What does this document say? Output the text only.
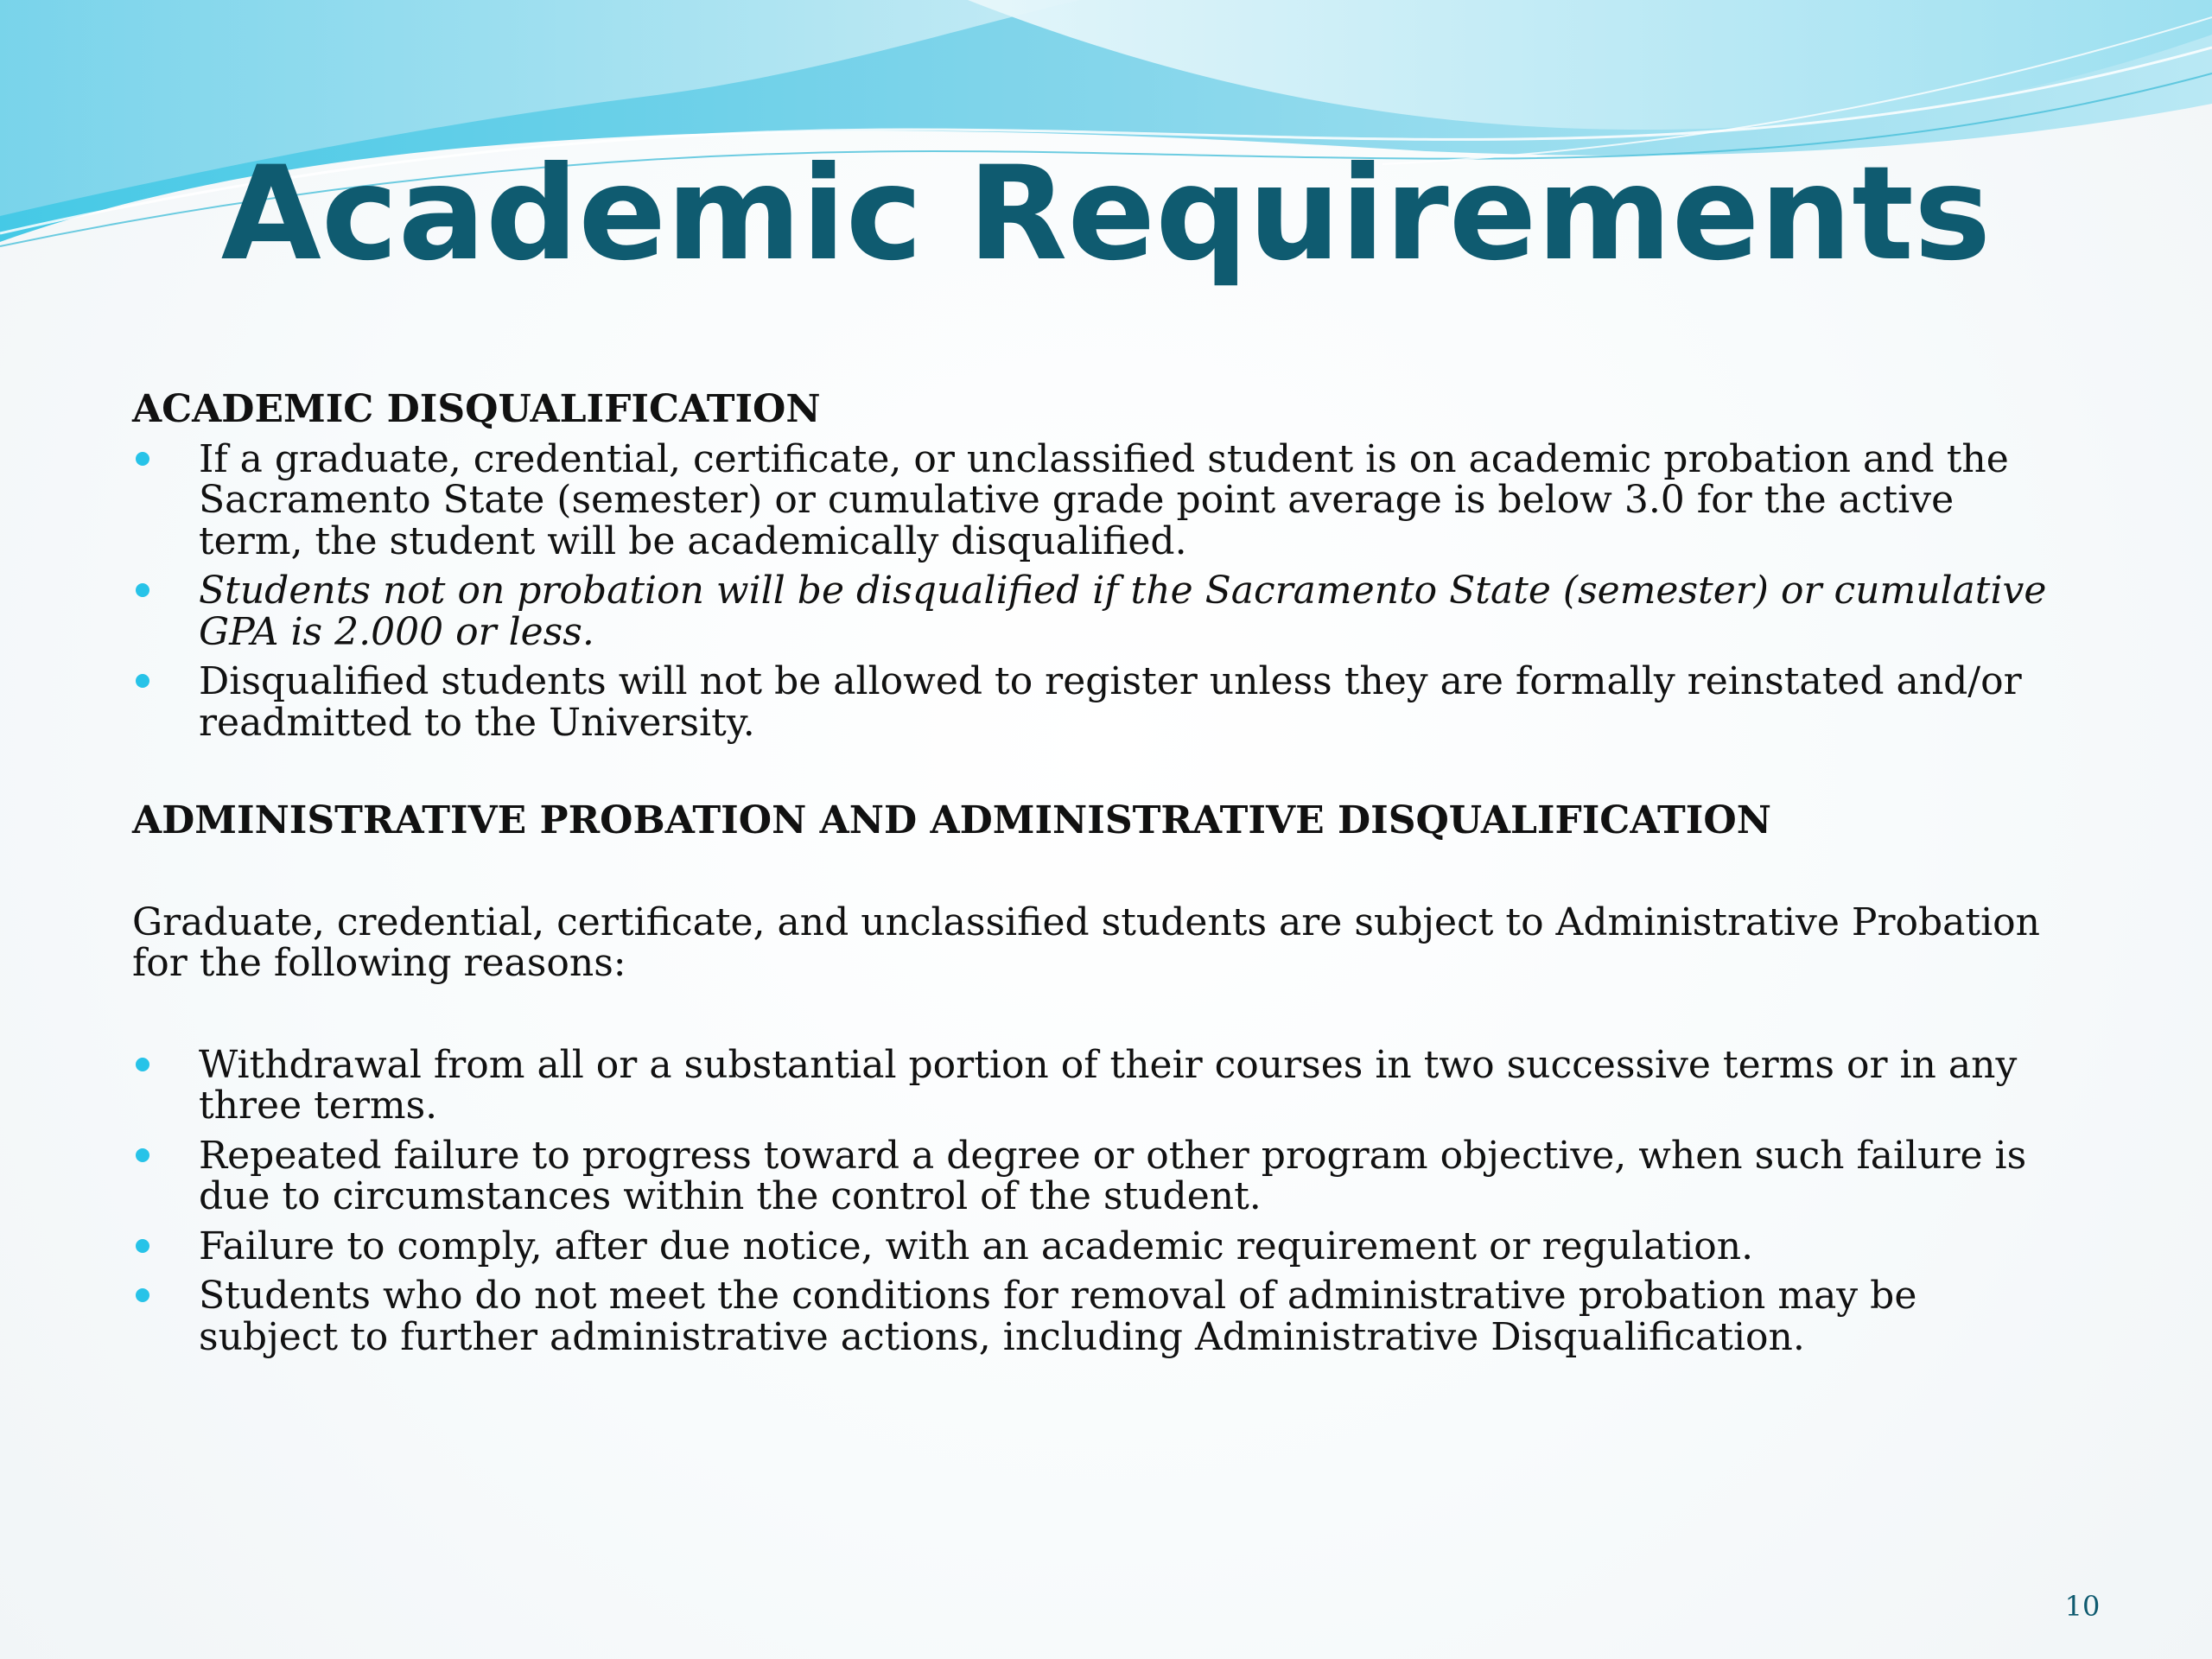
Academic Requirements
ACADEMIC DISQUALIFICATION
If a graduate, credential, certificate, or unclassified student is on academic probation and the Sacramento State (semester) or cumulative grade point average is below 3.0 for the active term, the student will be academically disqualified.
Students not on probation will be disqualified if the Sacramento State (semester) or cumulative GPA is 2.000 or less.
Disqualified students will not be allowed to register unless they are formally reinstated and/or readmitted to the University.
ADMINISTRATIVE PROBATION AND ADMINISTRATIVE DISQUALIFICATION

Graduate, credential, certificate, and unclassified students are subject to Administrative Probation for the following reasons:

Withdrawal from all or a substantial portion of their courses in two successive terms or in any three terms.
Repeated failure to progress toward a degree or other program objective, when such failure is due to circumstances within the control of the student.
Failure to comply, after due notice, with an academic requirement or regulation.
Students who do not meet the conditions for removal of administrative probation may be subject to further administrative actions, including Administrative Disqualification.
10
